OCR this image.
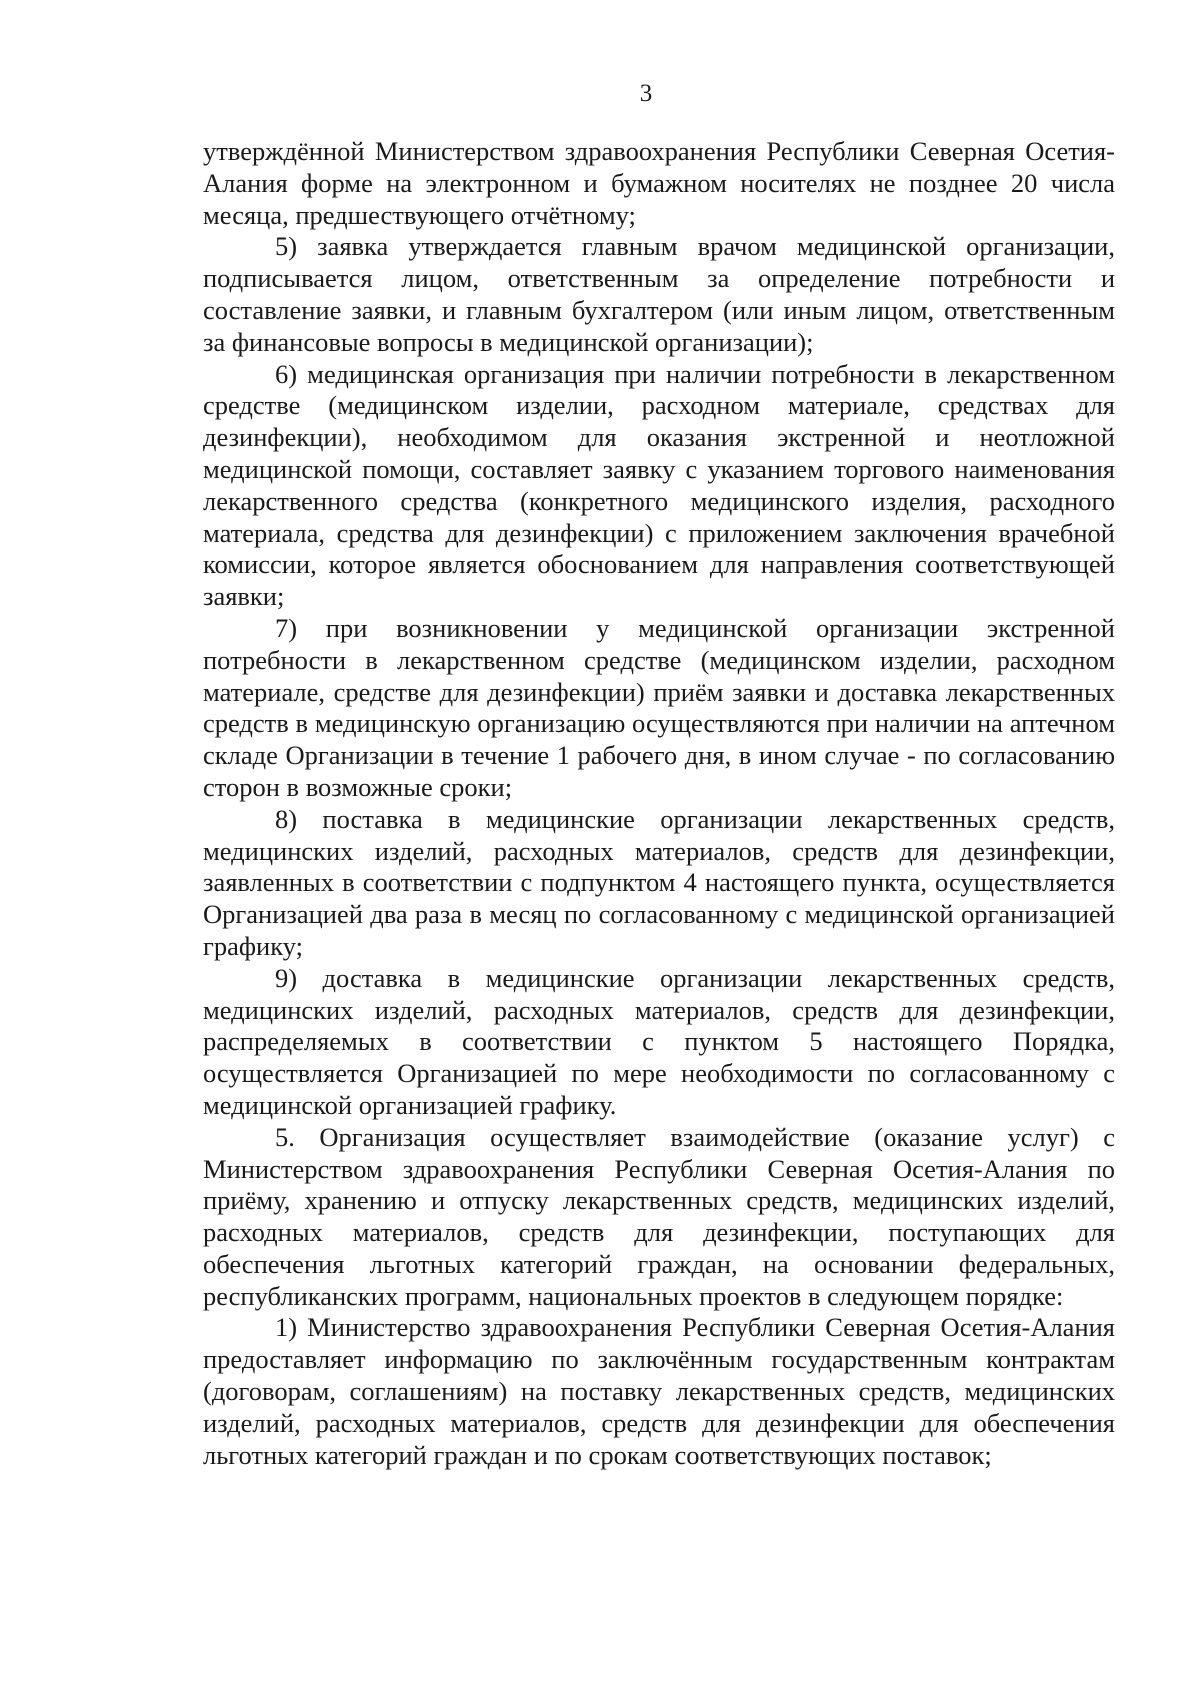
3

утверждённой Министерством здравоохранения Республики Северная Осетия-Алания форме на электронном и бумажном носителях не позднее 20 числа месяца, предшествующего отчётному;

5) заявка утверждается главным врачом медицинской организации, подписывается лицом, ответственным за определение потребности и составление заявки, и главным бухгалтером (или иным лицом, ответственным за финансовые вопросы в медицинской организации);

6) медицинская организация при наличии потребности в лекарственном средстве (медицинском изделии, расходном материале, средствах для дезинфекции), необходимом для оказания экстренной и неотложной медицинской помощи, составляет заявку с указанием торгового наименования лекарственного средства (конкретного медицинского изделия, расходного материала, средства для дезинфекции) с приложением заключения врачебной комиссии, которое является обоснованием для направления соответствующей заявки;

7) при возникновении у медицинской организации экстренной потребности в лекарственном средстве (медицинском изделии, расходном материале, средстве для дезинфекции) приём заявки и доставка лекарственных средств в медицинскую организацию осуществляются при наличии на аптечном складе Организации в течение 1 рабочего дня, в ином случае - по согласованию сторон в возможные сроки;

8) поставка в медицинские организации лекарственных средств, медицинских изделий, расходных материалов, средств для дезинфекции, заявленных в соответствии с подпунктом 4 настоящего пункта, осуществляется Организацией два раза в месяц по согласованному с медицинской организацией графику;

9) доставка в медицинские организации лекарственных средств, медицинских изделий, расходных материалов, средств для дезинфекции, распределяемых в соответствии с пунктом 5 настоящего Порядка, осуществляется Организацией по мере необходимости по согласованному с медицинской организацией графику.

5. Организация осуществляет взаимодействие (оказание услуг) с Министерством здравоохранения Республики Северная Осетия-Алания по приёму, хранению и отпуску лекарственных средств, медицинских изделий, расходных материалов, средств для дезинфекции, поступающих для обеспечения льготных категорий граждан, на основании федеральных, республиканских программ, национальных проектов в следующем порядке:

1) Министерство здравоохранения Республики Северная Осетия-Алания предоставляет информацию по заключённым государственным контрактам (договорам, соглашениям) на поставку лекарственных средств, медицинских изделий, расходных материалов, средств для дезинфекции для обеспечения льготных категорий граждан и по срокам соответствующих поставок;
